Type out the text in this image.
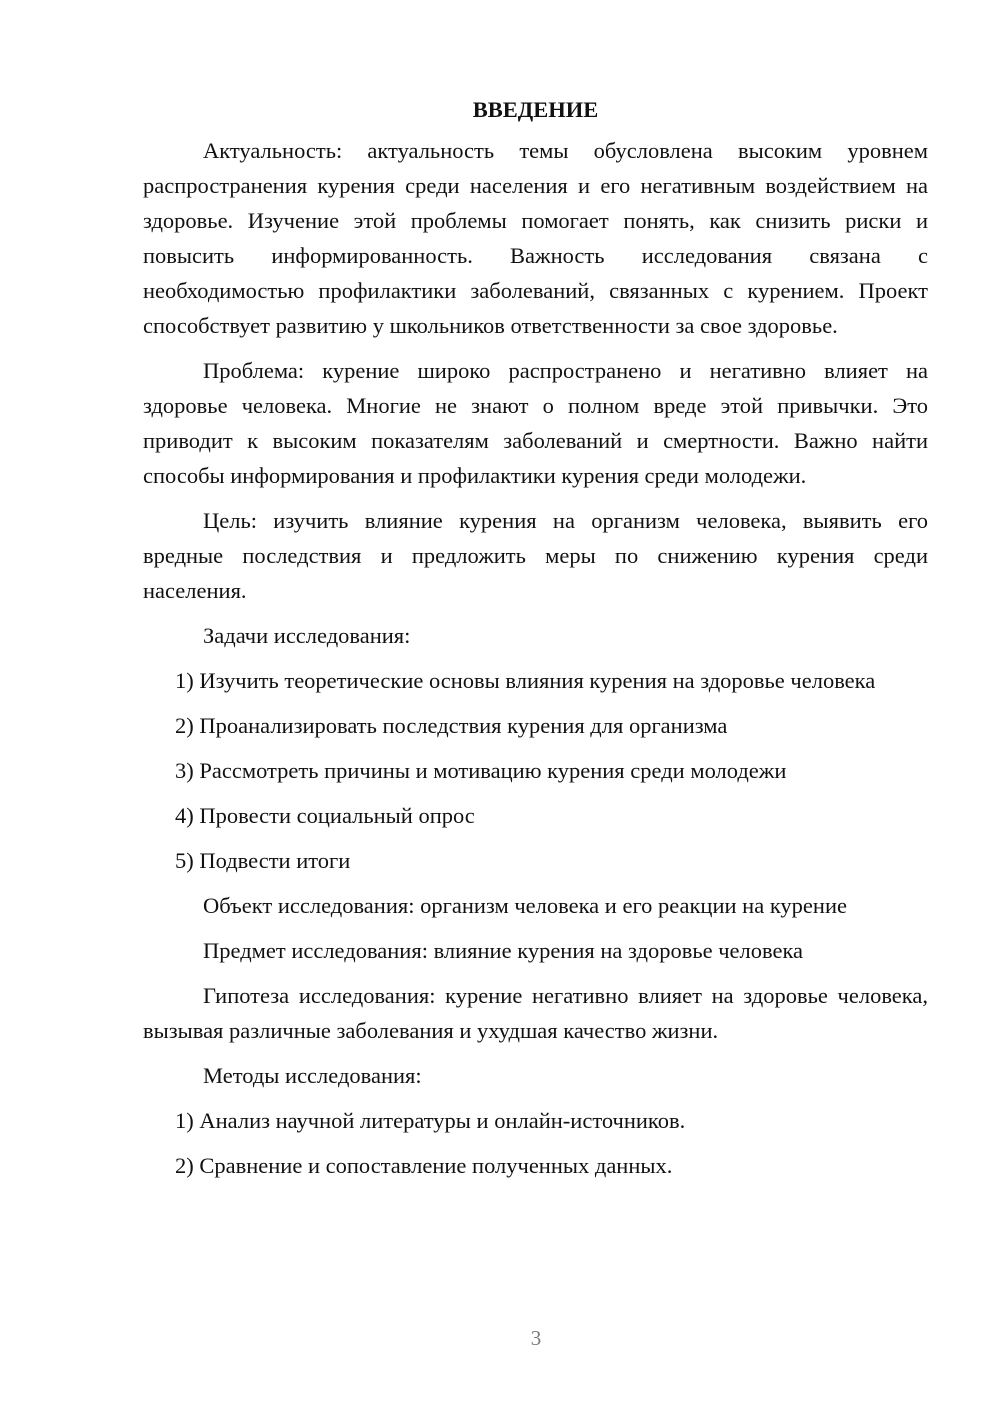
ВВЕДЕНИЕ

Актуальность: актуальность темы обусловлена высоким уровнем распространения курения среди населения и его негативным воздействием на здоровье. Изучение этой проблемы помогает понять, как снизить риски и повысить информированность. Важность исследования связана с необходимостью профилактики заболеваний, связанных с курением. Проект способствует развитию у школьников ответственности за свое здоровье.

Проблема: курение широко распространено и негативно влияет на здоровье человека. Многие не знают о полном вреде этой привычки. Это приводит к высоким показателям заболеваний и смертности. Важно найти способы информирования и профилактики курения среди молодежи.

Цель: изучить влияние курения на организм человека, выявить его вредные последствия и предложить меры по снижению курения среди населения.

Задачи исследования:

1) Изучить теоретические основы влияния курения на здоровье человека

2) Проанализировать последствия курения для организма

3) Рассмотреть причины и мотивацию курения среди молодежи

4) Провести социальный опрос

5) Подвести итоги

Объект исследования: организм человека и его реакции на курение

Предмет исследования: влияние курения на здоровье человека

Гипотеза исследования: курение негативно влияет на здоровье человека, вызывая различные заболевания и ухудшая качество жизни.

Методы исследования:

1) Анализ научной литературы и онлайн-источников.

2) Сравнение и сопоставление полученных данных.

3
